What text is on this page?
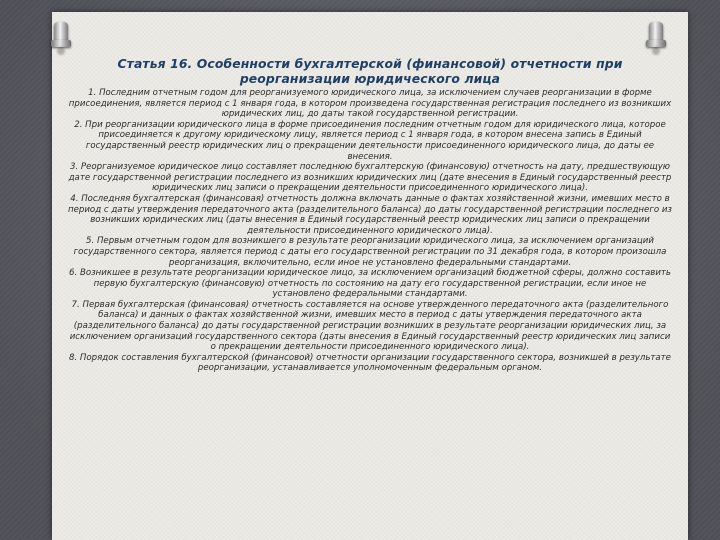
Статья 16. Особенности бухгалтерской (финансовой) отчетности при реорганизации юридического лица

1. Последним отчетным годом для реорганизуемого юридического лица, за исключением случаев реорганизации в форме присоединения, является период с 1 января года, в котором произведена государственная регистрация последнего из возникших юридических лиц, до даты такой государственной регистрации.

2. При реорганизации юридического лица в форме присоединения последним отчетным годом для юридического лица, которое присоединяется к другому юридическому лицу, является период с 1 января года, в котором внесена запись в Единый государственный реестр юридических лиц о прекращении деятельности присоединенного юридического лица, до даты ее внесения.

3. Реорганизуемое юридическое лицо составляет последнюю бухгалтерскую (финансовую) отчетность на дату, предшествующую дате государственной регистрации последнего из возникших юридических лиц (дате внесения в Единый государственный реестр юридических лиц записи о прекращении деятельности присоединенного юридического лица).

4. Последняя бухгалтерская (финансовая) отчетность должна включать данные о фактах хозяйственной жизни, имевших место в период с даты утверждения передаточного акта (разделительного баланса) до даты государственной регистрации последнего из возникших юридических лиц (даты внесения в Единый государственный реестр юридических лиц записи о прекращении деятельности присоединенного юридического лица).

5. Первым отчетным годом для возникшего в результате реорганизации юридического лица, за исключением организаций государственного сектора, является период с даты его государственной регистрации по 31 декабря года, в котором произошла реорганизация, включительно, если иное не установлено федеральными стандартами.

6. Возникшее в результате реорганизации юридическое лицо, за исключением организаций бюджетной сферы, должно составить первую бухгалтерскую (финансовую) отчетность по состоянию на дату его государственной регистрации, если иное не установлено федеральными стандартами.

7. Первая бухгалтерская (финансовая) отчетность составляется на основе утвержденного передаточного акта (разделительного баланса) и данных о фактах хозяйственной жизни, имевших место в период с даты утверждения передаточного акта (разделительного баланса) до даты государственной регистрации возникших в результате реорганизации юридических лиц, за исключением организаций государственного сектора (даты внесения в Единый государственный реестр юридических лиц записи о прекращении деятельности присоединенного юридического лица).

8. Порядок составления бухгалтерской (финансовой) отчетности организации государственного сектора, возникшей в результате реорганизации, устанавливается уполномоченным федеральным органом.
